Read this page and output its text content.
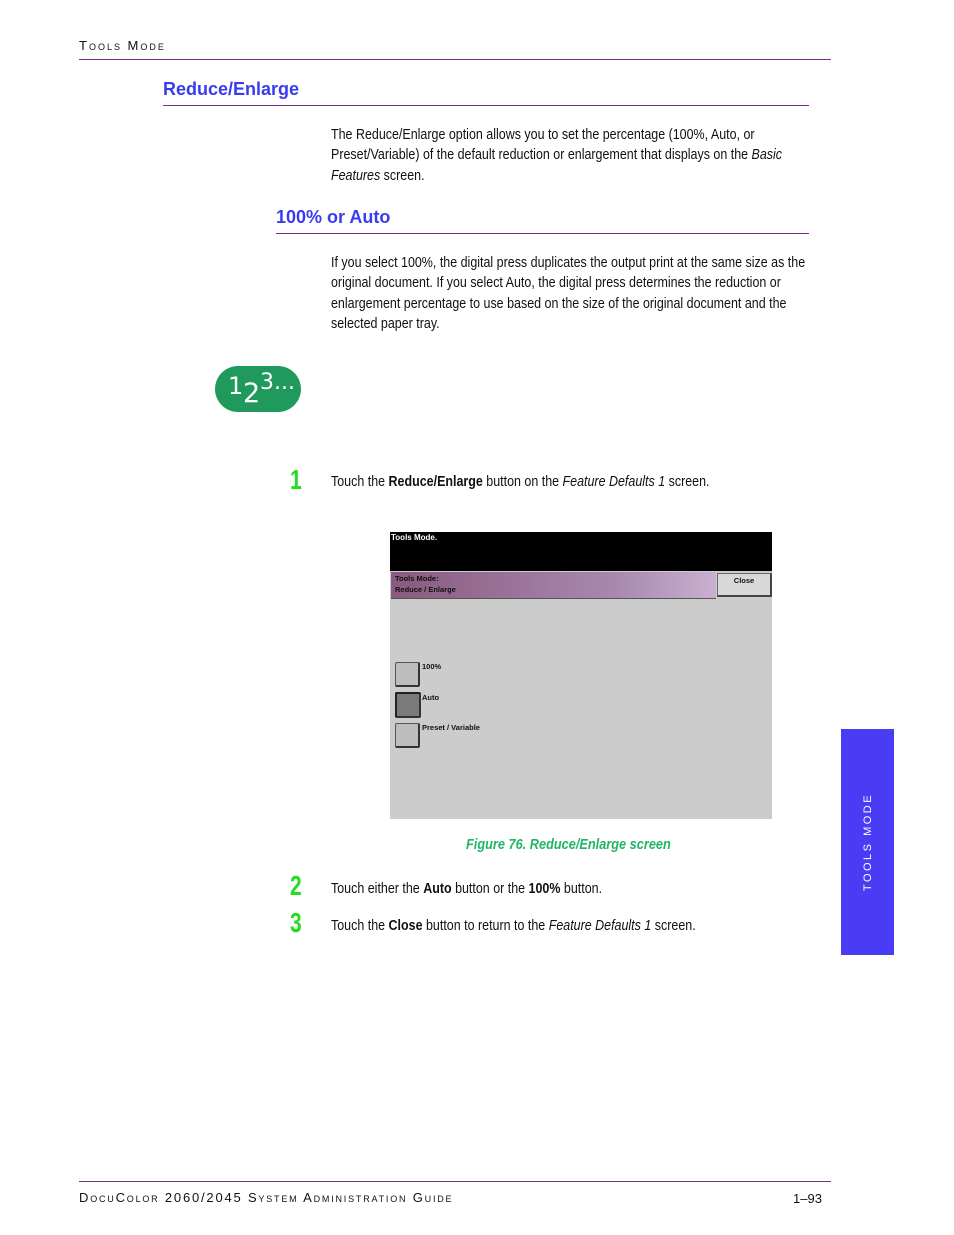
Tools Mode
Reduce/Enlarge

The Reduce/Enlarge option allows you to set the percentage (100%, Auto, or Preset/Variable) of the default reduction or enlargement that displays on the Basic Features screen.

100% or Auto

If you select 100%, the digital press duplicates the output print at the same size as the original document. If you select Auto, the digital press determines the reduction or enlargement percentage to use based on the size of the original document and the selected paper tray.

1 2 3...
1 Touch the Reduce/Enlarge button on the Feature Defaults 1 screen.
Tools Mode.
Tools Mode:
Reduce / Enlarge
Close
100%
Auto
Preset / Variable
Figure 76. Reduce/Enlarge screen
2 Touch either the Auto button or the 100% button.
3 Touch the Close button to return to the Feature Defaults 1 screen.
TOOLS MODE
DocuColor 2060/2045 System Administration Guide	1–93
